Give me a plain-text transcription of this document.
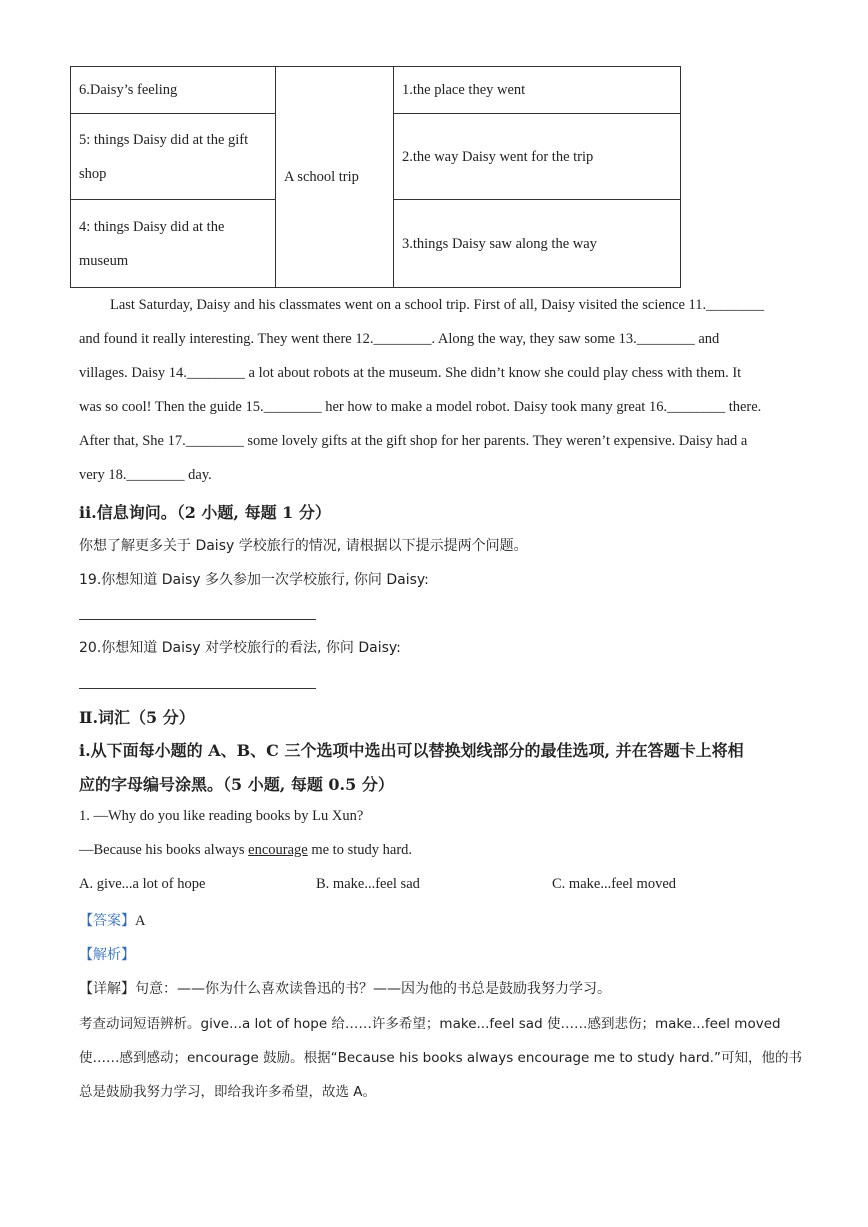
6.Daisy’s feeling	A school trip	1.the place they went
5: things Daisy did at the gift shop		2.the way Daisy went for the trip
4: things Daisy did at the museum		3.things Daisy saw along the way
Last Saturday, Daisy and his classmates went on a school trip. First of all, Daisy visited the science 11.________
and found it really interesting. They went there 12.________. Along the way, they saw some 13.________ and
villages. Daisy 14.________ a lot about robots at the museum. She didn’t know she could play chess with them. It
was so cool! Then the guide 15.________ her how to make a model robot. Daisy took many great 16.________ there.
After that, She 17.________ some lovely gifts at the gift shop for her parents. They weren’t expensive. Daisy had a
very 18.________ day.
ii.信息询问。（2 小题, 每题 1 分）
你想了解更多关于 Daisy 学校旅行的情况, 请根据以下提示提两个问题。
19.你想知道 Daisy 多久参加一次学校旅行, 你问 Daisy:
20.你想知道 Daisy 对学校旅行的看法, 你问 Daisy:
Ⅱ.词汇（5 分）
i.从下面每小题的 A、B、C 三个选项中选出可以替换划线部分的最佳选项, 并在答题卡上将相
应的字母编号涂黑。（5 小题, 每题 0.5 分）
1. —Why do you like reading books by Lu Xun?
—Because his books always encourage me to study hard.
A. give...a lot of hope	B. make...feel sad	C. make...feel moved
【答案】A
【解析】
【详解】句意：——你为什么喜欢读鲁迅的书？——因为他的书总是鼓励我努力学习。
考查动词短语辨析。give...a lot of hope 给……许多希望；make...feel sad 使……感到悲伤；make...feel moved
使……感到感动；encourage 鼓励。根据“Because his books always encourage me to study hard.”可知，他的书
总是鼓励我努力学习，即给我许多希望，故选 A。
